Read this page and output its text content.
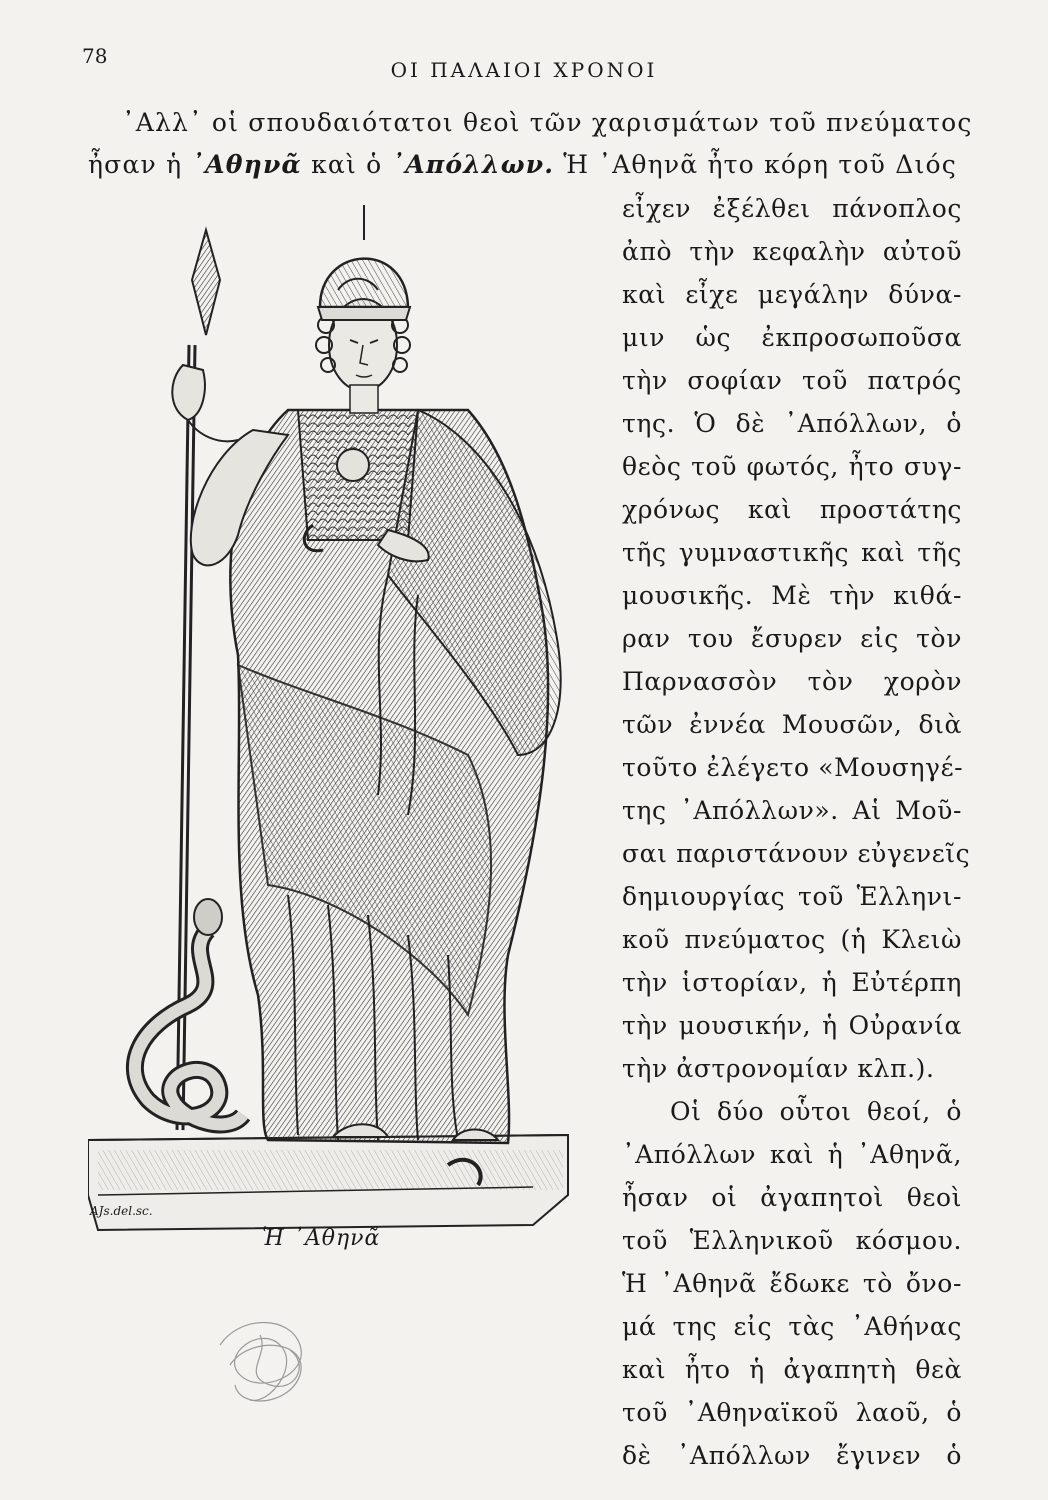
78
ΟΙ ΠΑΛΑΙΟΙ ΧΡΟΝΟΙ
᾿Αλλ᾿ οἱ σπουδαιότατοι θεοὶ τῶν χαρισμάτων τοῦ πνεύματος
ἦσαν ἡ ᾿Αθηνᾶ καὶ ὁ ᾿Απόλλων. Ἡ ᾿Αθηνᾶ ἦτο κόρη τοῦ Διός
AJs.del.sc.
Ἡ ᾿Αθηνᾶ
εἶχεν ἐξέλθει πάνοπλος
ἀπὸ τὴν κεφαλὴν αὐτοῦ
καὶ εἶχε μεγάλην δύνα-
μιν ὡς ἐκπροσωποῦσα
τὴν σοφίαν τοῦ πατρός
της. Ὁ δὲ ᾿Απόλλων, ὁ
θεὸς τοῦ φωτός, ἦτο συγ-
χρόνως καὶ προστάτης
τῆς γυμναστικῆς καὶ τῆς
μουσικῆς. Μὲ τὴν κιθά-
ραν του ἔσυρεν εἰς τὸν
Παρνασσὸν τὸν χορὸν
τῶν ἐννέα Μουσῶν, διὰ
τοῦτο ἐλέγετο «Μουσηγέ-
της ᾿Απόλλων». Αἱ Μοῦ-
σαι παριστάνουν εὐγενεῖς
δημιουργίας τοῦ Ἑλληνι-
κοῦ πνεύματος (ἡ Κλειὼ
τὴν ἱστορίαν, ἡ Εὐτέρπη
τὴν μουσικήν, ἡ Οὐρανία
τὴν ἀστρονομίαν κλπ.).
Οἱ δύο οὗτοι θεοί, ὁ
᾿Απόλλων καὶ ἡ ᾿Αθηνᾶ,
ἦσαν οἱ ἀγαπητοὶ θεοὶ
τοῦ Ἑλληνικοῦ κόσμου.
Ἡ ᾿Αθηνᾶ ἔδωκε τὸ ὄνο-
μά της εἰς τὰς ᾿Αθήνας
καὶ ἦτο ἡ ἀγαπητὴ θεὰ
τοῦ ᾿Αθηναϊκοῦ λαοῦ, ὁ
δὲ ᾿Απόλλων ἔγινεν ὁ
